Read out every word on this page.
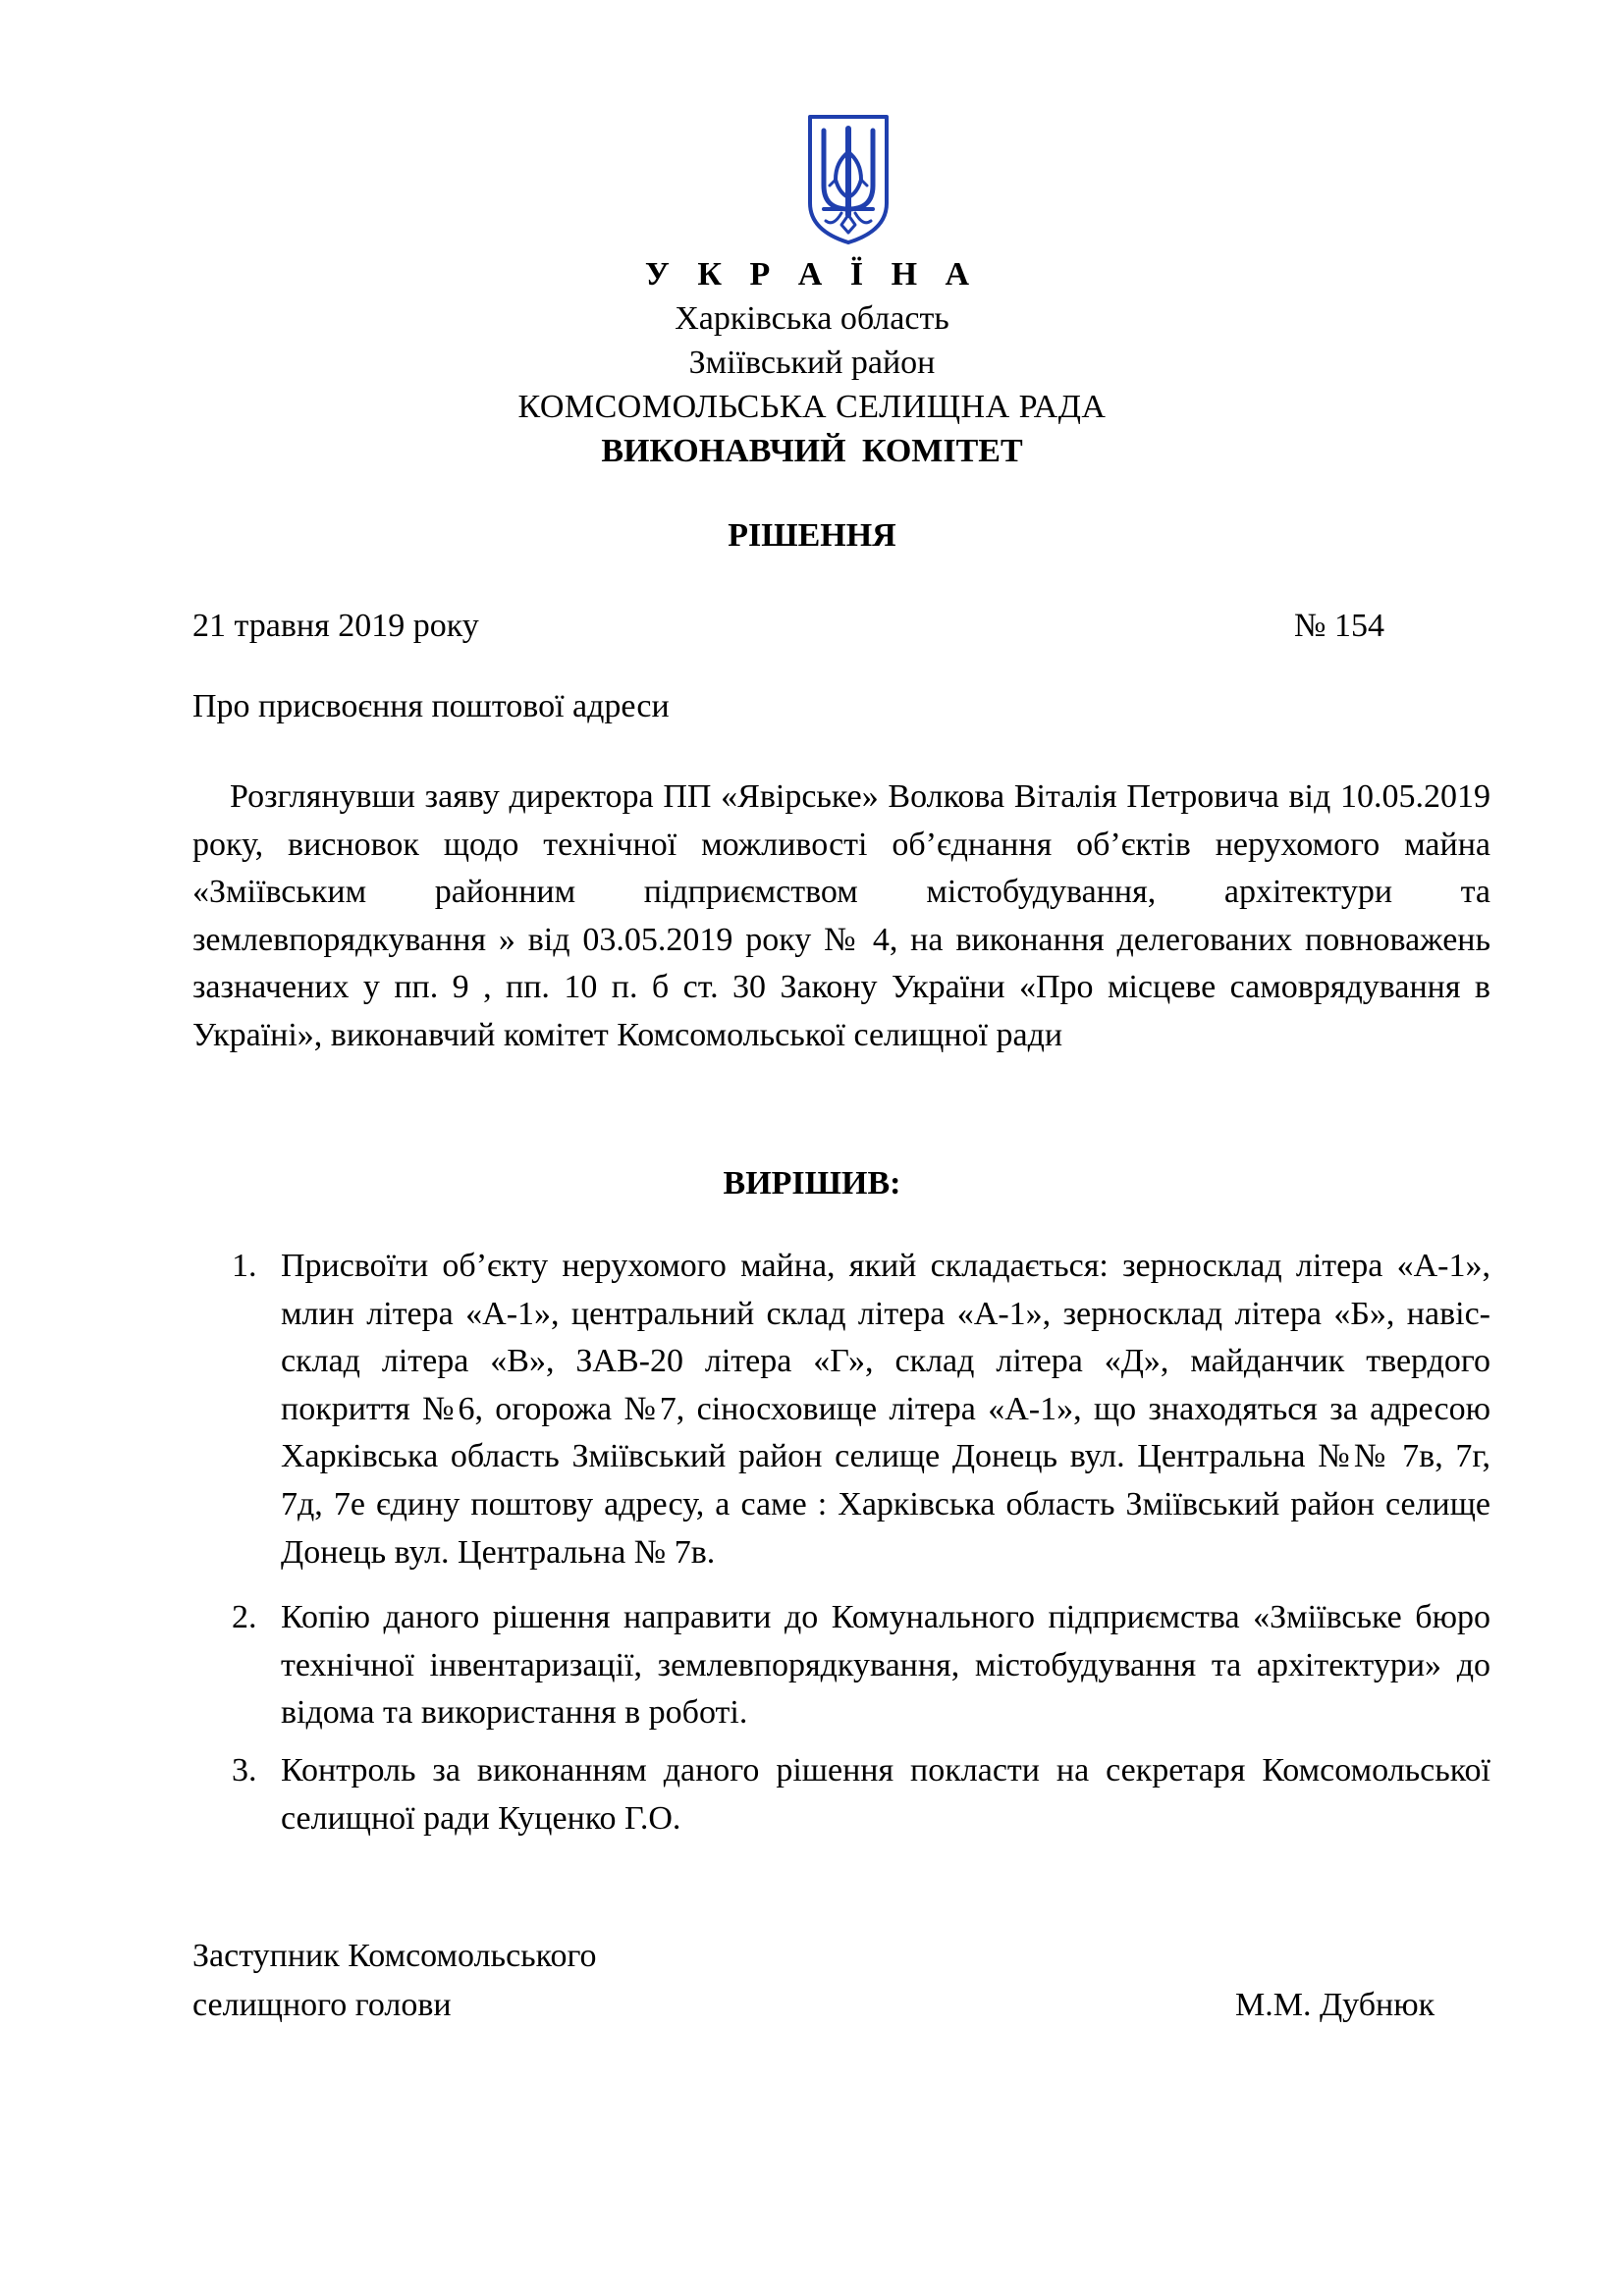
У К Р А Ї Н А
Харківська область
Зміївський район
КОМСОМОЛЬСЬКА СЕЛИЩНА РАДА
ВИКОНАВЧИЙ КОМІТЕТ
РІШЕННЯ
21 травня 2019 року	№ 154
Про присвоєння поштової адреси

Розглянувши заяву директора ПП «Явірське» Волкова Віталія Петровича від 10.05.2019 року, висновок щодо технічної можливості об’єднання об’єктів нерухомого майна «Зміївським районним підприємством містобудування, архітектури та землевпорядкування » від 03.05.2019 року № 4, на виконання делегованих повноважень зазначених у пп. 9 , пп. 10 п. б ст. 30 Закону України «Про місцеве самоврядування в Україні», виконавчий комітет Комсомольської селищної ради

ВИРІШИВ:
1. Присвоїти об’єкту нерухомого майна, який складається: зерносклад літера «А-1», млин літера «А-1», центральний склад літера «А-1», зерносклад літера «Б», навіс-склад літера «В», ЗАВ-20 літера «Г», склад літера «Д», майданчик твердого покриття №6, огорожа №7, сіносховище літера «А-1», що знаходяться за адресою Харківська область Зміївський район селище Донець вул. Центральна №№ 7в, 7г, 7д, 7е єдину поштову адресу, а саме : Харківська область Зміївський район селище Донець вул. Центральна № 7в.
2. Копію даного рішення направити до Комунального підприємства «Зміївське бюро технічної інвентаризації, землевпорядкування, містобудування та архітектури» до відома та використання в роботі.
3. Контроль за виконанням даного рішення покласти на секретаря Комсомольської селищної ради Куценко Г.О.
Заступник Комсомольського
селищного голови	М.М. Дубнюк
